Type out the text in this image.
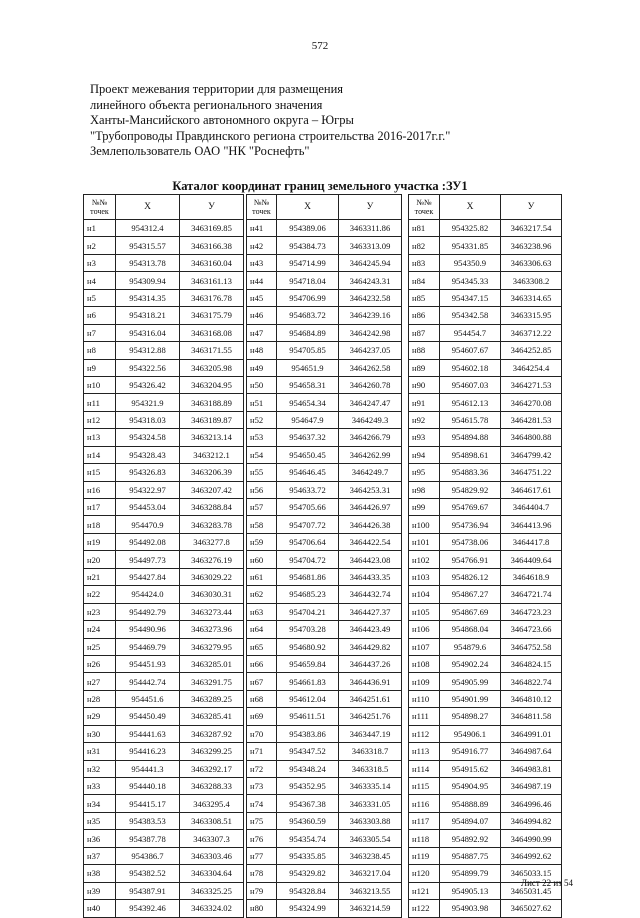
572
Проект межевания территории для размещения
линейного объекта регионального значения
Ханты-Мансийского автономного округа – Югры
"Трубопроводы Правдинского региона строительства 2016-2017г.г."
Землепользователь ОАО "НК "Роснефть"
Каталог координат границ земельного участка :ЗУ1
№№
точек	X	У
н1	954312.4	3463169.85
н2	954315.57	3463166.38
н3	954313.78	3463160.04
н4	954309.94	3463161.13
н5	954314.35	3463176.78
н6	954318.21	3463175.79
н7	954316.04	3463168.08
н8	954312.88	3463171.55
н9	954322.56	3463205.98
н10	954326.42	3463204.95
н11	954321.9	3463188.89
н12	954318.03	3463189.87
н13	954324.58	3463213.14
н14	954328.43	3463212.1
н15	954326.83	3463206.39
н16	954322.97	3463207.42
н17	954453.04	3463288.84
н18	954470.9	3463283.78
н19	954492.08	3463277.8
н20	954497.73	3463276.19
н21	954427.84	3463029.22
н22	954424.0	3463030.31
н23	954492.79	3463273.44
н24	954490.96	3463273.96
н25	954469.79	3463279.95
н26	954451.93	3463285.01
н27	954442.74	3463291.75
н28	954451.6	3463289.25
н29	954450.49	3463285.41
н30	954441.63	3463287.92
н31	954416.23	3463299.25
н32	954441.3	3463292.17
н33	954440.18	3463288.33
н34	954415.17	3463295.4
н35	954383.53	3463308.51
н36	954387.78	3463307.3
н37	954386.7	3463303.46
н38	954382.52	3463304.64
н39	954387.91	3463325.25
н40	954392.46	3463324.02
№№
точек	X	У
н41	954389.06	3463311.86
н42	954384.73	3463313.09
н43	954714.99	3464245.94
н44	954718.04	3464243.31
н45	954706.99	3464232.58
н46	954683.72	3464239.16
н47	954684.89	3464242.98
н48	954705.85	3464237.05
н49	954651.9	3464262.58
н50	954658.31	3464260.78
н51	954654.34	3464247.47
н52	954647.9	3464249.3
н53	954637.32	3464266.79
н54	954650.45	3464262.99
н55	954646.45	3464249.7
н56	954633.72	3464253.31
н57	954705.66	3464426.97
н58	954707.72	3464426.38
н59	954706.64	3464422.54
н60	954704.72	3464423.08
н61	954681.86	3464433.35
н62	954685.23	3464432.74
н63	954704.21	3464427.37
н64	954703.28	3464423.49
н65	954680.92	3464429.82
н66	954659.84	3464437.26
н67	954661.83	3464436.91
н68	954612.04	3464251.61
н69	954611.51	3464251.76
н70	954383.86	3463447.19
н71	954347.52	3463318.7
н72	954348.24	3463318.5
н73	954352.95	3463335.14
н74	954367.38	3463331.05
н75	954360.59	3463303.88
н76	954354.74	3463305.54
н77	954335.85	3463238.45
н78	954329.82	3463217.04
н79	954328.84	3463213.55
н80	954324.99	3463214.59
№№
точек	X	У
н81	954325.82	3463217.54
н82	954331.85	3463238.96
н83	954350.9	3463306.63
н84	954345.33	3463308.2
н85	954347.15	3463314.65
н86	954342.58	3463315.95
н87	954454.7	3463712.22
н88	954607.67	3464252.85
н89	954602.18	3464254.4
н90	954607.03	3464271.53
н91	954612.13	3464270.08
н92	954615.78	3464281.53
н93	954894.88	3464800.88
н94	954898.61	3464799.42
н95	954883.36	3464751.22
н98	954829.92	3464617.61
н99	954769.67	3464404.7
н100	954736.94	3464413.96
н101	954738.06	3464417.8
н102	954766.91	3464409.64
н103	954826.12	3464618.9
н104	954867.27	3464721.74
н105	954867.69	3464723.23
н106	954868.04	3464723.66
н107	954879.6	3464752.58
н108	954902.24	3464824.15
н109	954905.99	3464822.74
н110	954901.99	3464810.12
н111	954898.27	3464811.58
н112	954906.1	3464991.01
н113	954916.77	3464987.64
н114	954915.62	3464983.81
н115	954904.95	3464987.19
н116	954888.89	3464996.46
н117	954894.07	3464994.82
н118	954892.92	3464990.99
н119	954887.75	3464992.62
н120	954899.79	3465033.15
н121	954905.13	3465031.45
н122	954903.98	3465027.62
Лист 22 из 54
